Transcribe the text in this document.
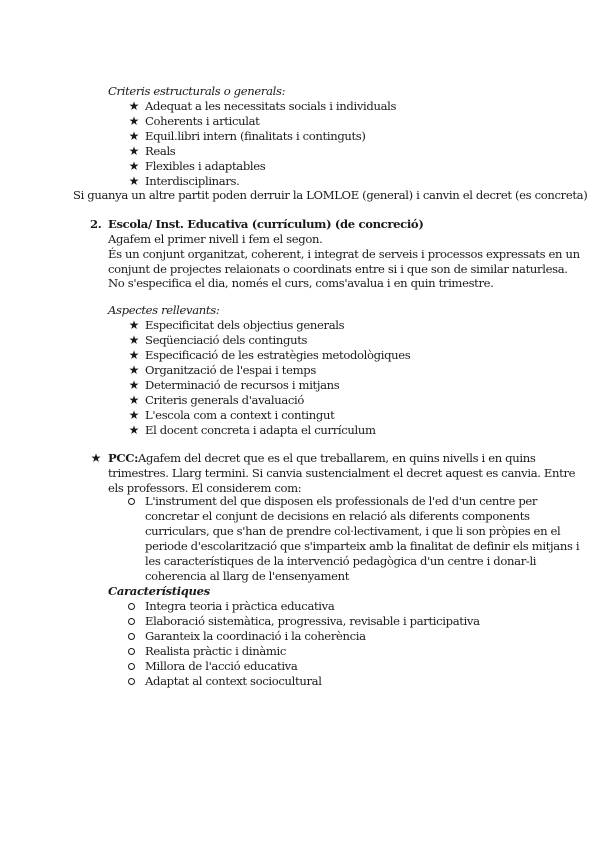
Criteris estructurals o generals:
★ Adequat a les necessitats socials i individuals
★ Coherents i articulat
★ Equil.libri intern (finalitats i continguts)
★ Reals
★ Flexibles i adaptables
★ Interdisciplinars.
Si guanya un altre partit poden derruir la LOMLOE (general) i canvin el decret (es concreta)
2. Escola/ Inst. Educativa (currículum) (de concreció)
Agafem el primer nivell i fem el segon.
És un conjunt organitzat, coherent, i integrat de serveis i processos expressats en un
conjunt de projectes relaionats o coordinats entre si i que son de similar naturlesa.
No s'especifica el dia, només el curs, coms'avalua i en quin trimestre.
Aspectes rellevants:
★ Especificitat dels objectius generals
★ Seqüenciació dels continguts
★ Especificació de les estratègies metodològiques
★ Organització de l'espai i temps
★ Determinació de recursos i mitjans
★ Criteris generals d'avaluació
★ L'escola com a context i contingut
★ El docent concreta i adapta el currículum
★ PCC: Agafem del decret que es el que treballarem, en quins nivells i en quins
trimestres. Llarg termini. Si canvia sustencialment el decret aquest es canvia. Entre
els professors. El considerem com:
L'instrument del que disposen els professionals de l'ed d'un centre per
concretar el conjunt de decisions en relació als diferents components
curriculars, que s'han de prendre col·lectivament, i que li son pròpies en el
periode d'escolarització que s'imparteix amb la finalitat de definir els mitjans i
les característiques de la intervenció pedagògica d'un centre i donar-li
coherencia al llarg de l'ensenyament
Característiques
Integra teoria i pràctica educativa
Elaboració sistemàtica, progressiva, revisable i participativa
Garanteix la coordinació i la coherència
Realista pràctic i dinàmic
Millora de l'acció educativa
Adaptat al context sociocultural
